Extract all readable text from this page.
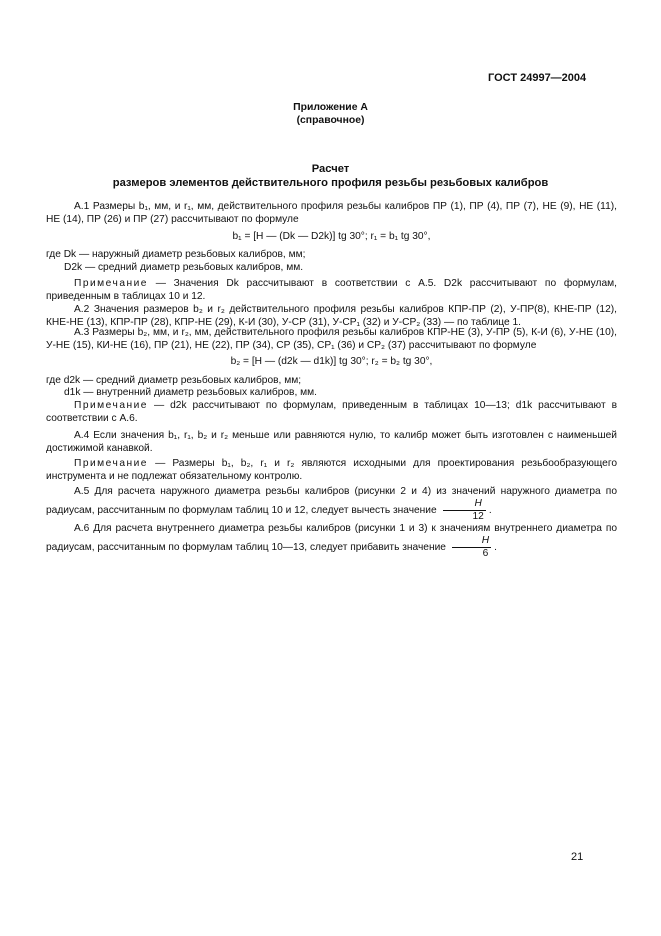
ГОСТ 24997—2004
Приложение А
(справочное)
Расчет
размеров элементов действительного профиля резьбы резьбовых калибров
А.1 Размеры b₁, мм, и r₁, мм, действительного профиля резьбы калибров ПР (1), ПР (4), ПР (7), НЕ (9), НЕ (11), НЕ (14), ПР (26) и ПР (27) рассчитывают по формуле
b₁ = [H — (Dk — D2k)] tg 30°; r₁ = b₁ tg 30°,
где Dk — наружный диаметр резьбовых калибров, мм;
D2k — средний диаметр резьбовых калибров, мм.
Примечание — Значения Dk рассчитывают в соответствии с А.5. D2k рассчитывают по формулам, приведенным в таблицах 10 и 12.
А.2 Значения размеров b₂ и r₂ действительного профиля резьбы калибров КПР-ПР (2), У-ПР(8), КНЕ-ПР (12), КНЕ-НЕ (13), КПР-ПР (28), КПР-НЕ (29), К-И (30), У-СР (31), У-СР₁ (32) и У-СР₂ (33) — по таблице 1.
А.3 Размеры b₂, мм, и r₂, мм, действительного профиля резьбы калибров КПР-НЕ (3), У-ПР (5), К-И (6), У-НЕ (10), У-НЕ (15), КИ-НЕ (16), ПР (21), НЕ (22), ПР (34), СР (35), СР₁ (36) и СР₂ (37) рассчитывают по формуле
b₂ = [H — (d2k — d1k)] tg 30°; r₂ = b₂ tg 30°,
где d2k — средний диаметр резьбовых калибров, мм;
d1k — внутренний диаметр резьбовых калибров, мм.
Примечание — d2k рассчитывают по формулам, приведенным в таблицах 10—13; d1k рассчитывают в соответствии с А.6.
А.4 Если значения b₁, r₁, b₂ и r₂ меньше или равняются нулю, то калибр может быть изготовлен с наименьшей достижимой канавкой.
Примечание — Размеры b₁, b₂, r₁ и r₂ являются исходными для проектирования резьбообразующего инструмента и не подлежат обязательному контролю.
А.5 Для расчета наружного диаметра резьбы калибров (рисунки 2 и 4) из значений наружного диаметра по радиусам, рассчитанным по формулам таблиц 10 и 12, следует вычесть значение $\frac{H}{12}$ .
А.6 Для расчета внутреннего диаметра резьбы калибров (рисунки 1 и 3) к значениям внутреннего диаметра по радиусам, рассчитанным по формулам таблиц 10—13, следует прибавить значение $\frac{H}{6}$ .
21
